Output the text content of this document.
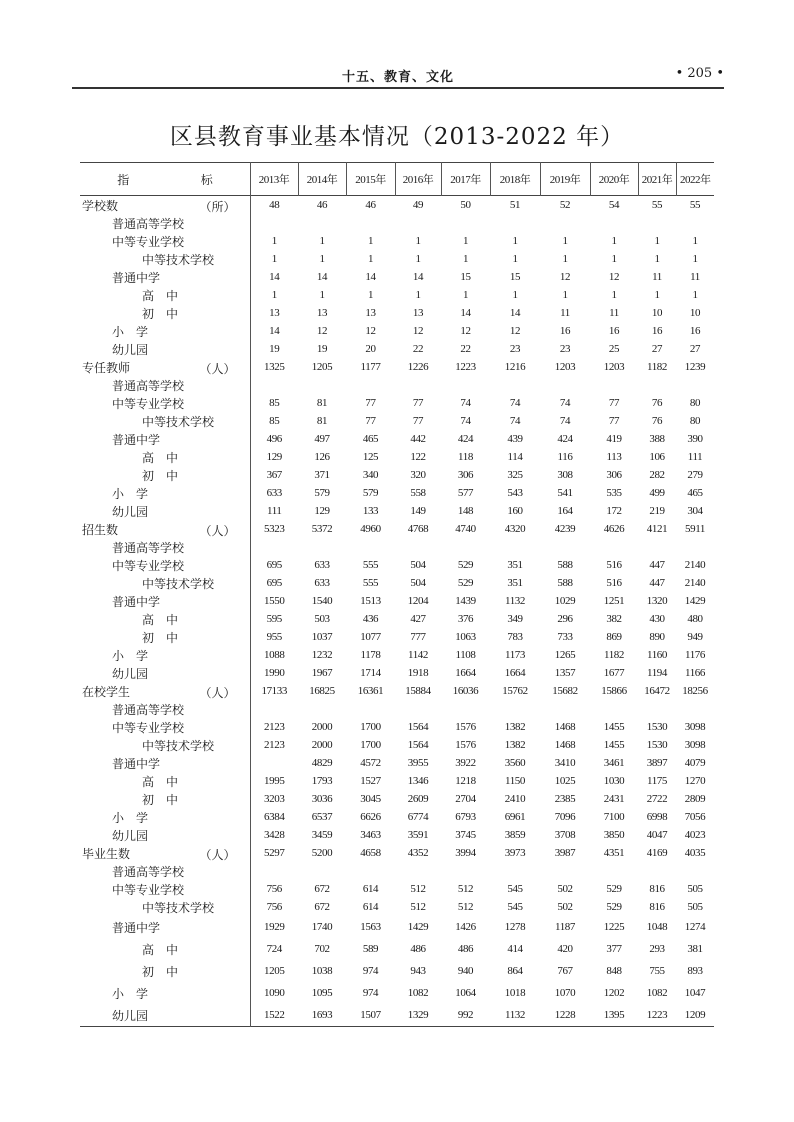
十五、教育、文化	• 205 •
区县教育事业基本情况（2013-2022 年）
指 标	2013年	2014年	2015年	2016年	2017年	2018年	2019年	2020年	2021年	2022年
学校数 （所）	48	46	46	49	50	51	52	54	55	55
普通高等学校										
中等专业学校	1	1	1	1	1	1	1	1	1	1
中等技术学校	1	1	1	1	1	1	1	1	1	1
普通中学	14	14	14	14	15	15	12	12	11	11
高　中	1	1	1	1	1	1	1	1	1	1
初　中	13	13	13	13	14	14	11	11	10	10
小　学	14	12	12	12	12	12	16	16	16	16
幼儿园	19	19	20	22	22	23	23	25	27	27
专任教师 （人）	1325	1205	1177	1226	1223	1216	1203	1203	1182	1239
普通高等学校										
中等专业学校	85	81	77	77	74	74	74	77	76	80
中等技术学校	85	81	77	77	74	74	74	77	76	80
普通中学	496	497	465	442	424	439	424	419	388	390
高　中	129	126	125	122	118	114	116	113	106	111
初　中	367	371	340	320	306	325	308	306	282	279
小　学	633	579	579	558	577	543	541	535	499	465
幼儿园	111	129	133	149	148	160	164	172	219	304
招生数 （人）	5323	5372	4960	4768	4740	4320	4239	4626	4121	5911
普通高等学校										
中等专业学校	695	633	555	504	529	351	588	516	447	2140
中等技术学校	695	633	555	504	529	351	588	516	447	2140
普通中学	1550	1540	1513	1204	1439	1132	1029	1251	1320	1429
高　中	595	503	436	427	376	349	296	382	430	480
初　中	955	1037	1077	777	1063	783	733	869	890	949
小　学	1088	1232	1178	1142	1108	1173	1265	1182	1160	1176
幼儿园	1990	1967	1714	1918	1664	1664	1357	1677	1194	1166
在校学生 （人）	17133	16825	16361	15884	16036	15762	15682	15866	16472	18256
普通高等学校										
中等专业学校	2123	2000	1700	1564	1576	1382	1468	1455	1530	3098
中等技术学校	2123	2000	1700	1564	1576	1382	1468	1455	1530	3098
普通中学		4829	4572	3955	3922	3560	3410	3461	3897	4079
高　中	1995	1793	1527	1346	1218	1150	1025	1030	1175	1270
初　中	3203	3036	3045	2609	2704	2410	2385	2431	2722	2809
小　学	6384	6537	6626	6774	6793	6961	7096	7100	6998	7056
幼儿园	3428	3459	3463	3591	3745	3859	3708	3850	4047	4023
毕业生数 （人）	5297	5200	4658	4352	3994	3973	3987	4351	4169	4035
普通高等学校										
中等专业学校	756	672	614	512	512	545	502	529	816	505
中等技术学校	756	672	614	512	512	545	502	529	816	505
普通中学	1929	1740	1563	1429	1426	1278	1187	1225	1048	1274
高　中	724	702	589	486	486	414	420	377	293	381
初　中	1205	1038	974	943	940	864	767	848	755	893
小　学	1090	1095	974	1082	1064	1018	1070	1202	1082	1047
幼儿园	1522	1693	1507	1329	992	1132	1228	1395	1223	1209
